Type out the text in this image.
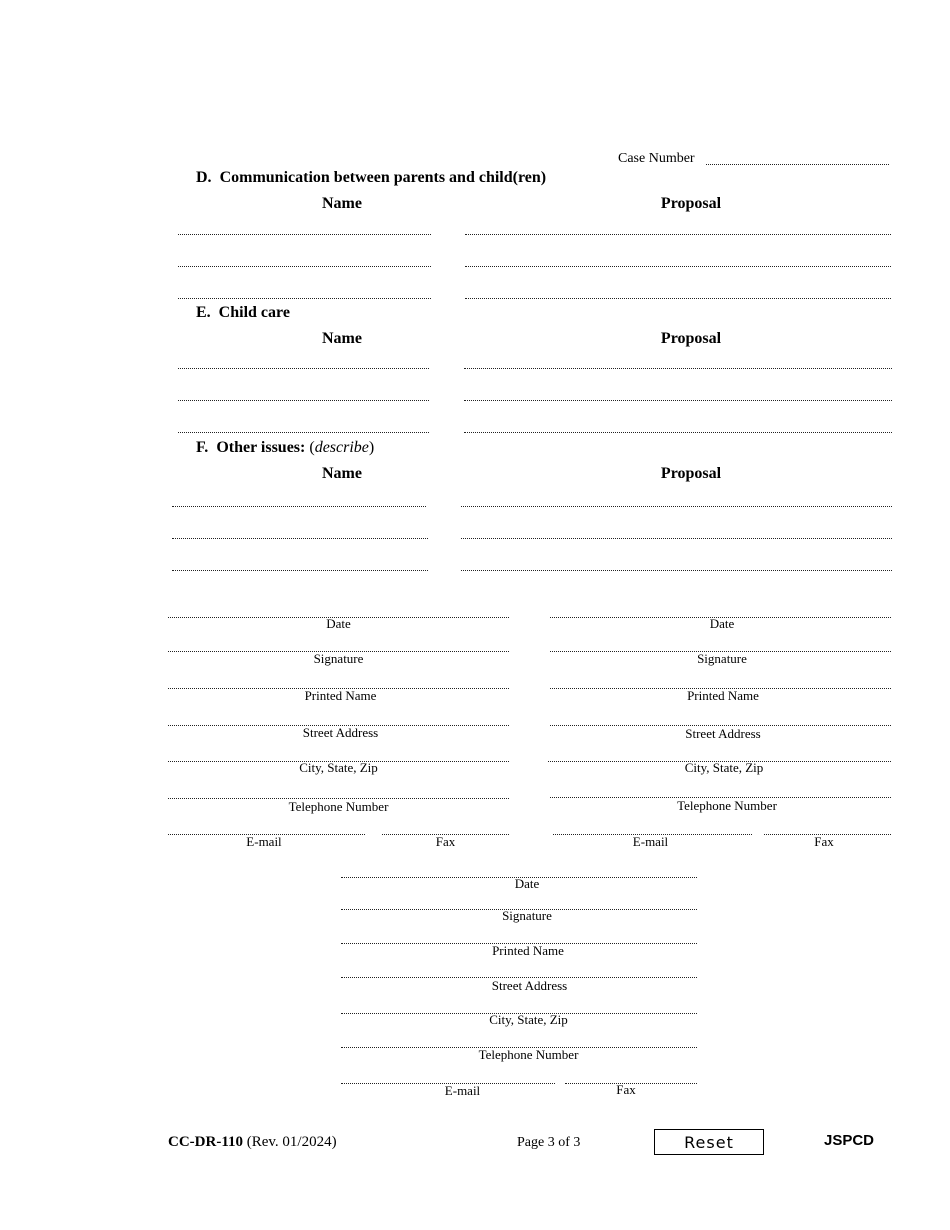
Case Number
D. Communication between parents and child(ren)
Name	Proposal
E. Child care
Name	Proposal
F. Other issues: (describe)
Name	Proposal
Date
Signature
Printed Name
Street Address
City, State, Zip
Telephone Number
E-mail	Fax
Date
Signature
Printed Name
Street Address
City, State, Zip
Telephone Number
E-mail	Fax
Date
Signature
Printed Name
Street Address
City, State, Zip
Telephone Number
E-mail	Fax
CC-DR-110 (Rev. 01/2024)	Page 3 of 3	Reset	JSPCD
